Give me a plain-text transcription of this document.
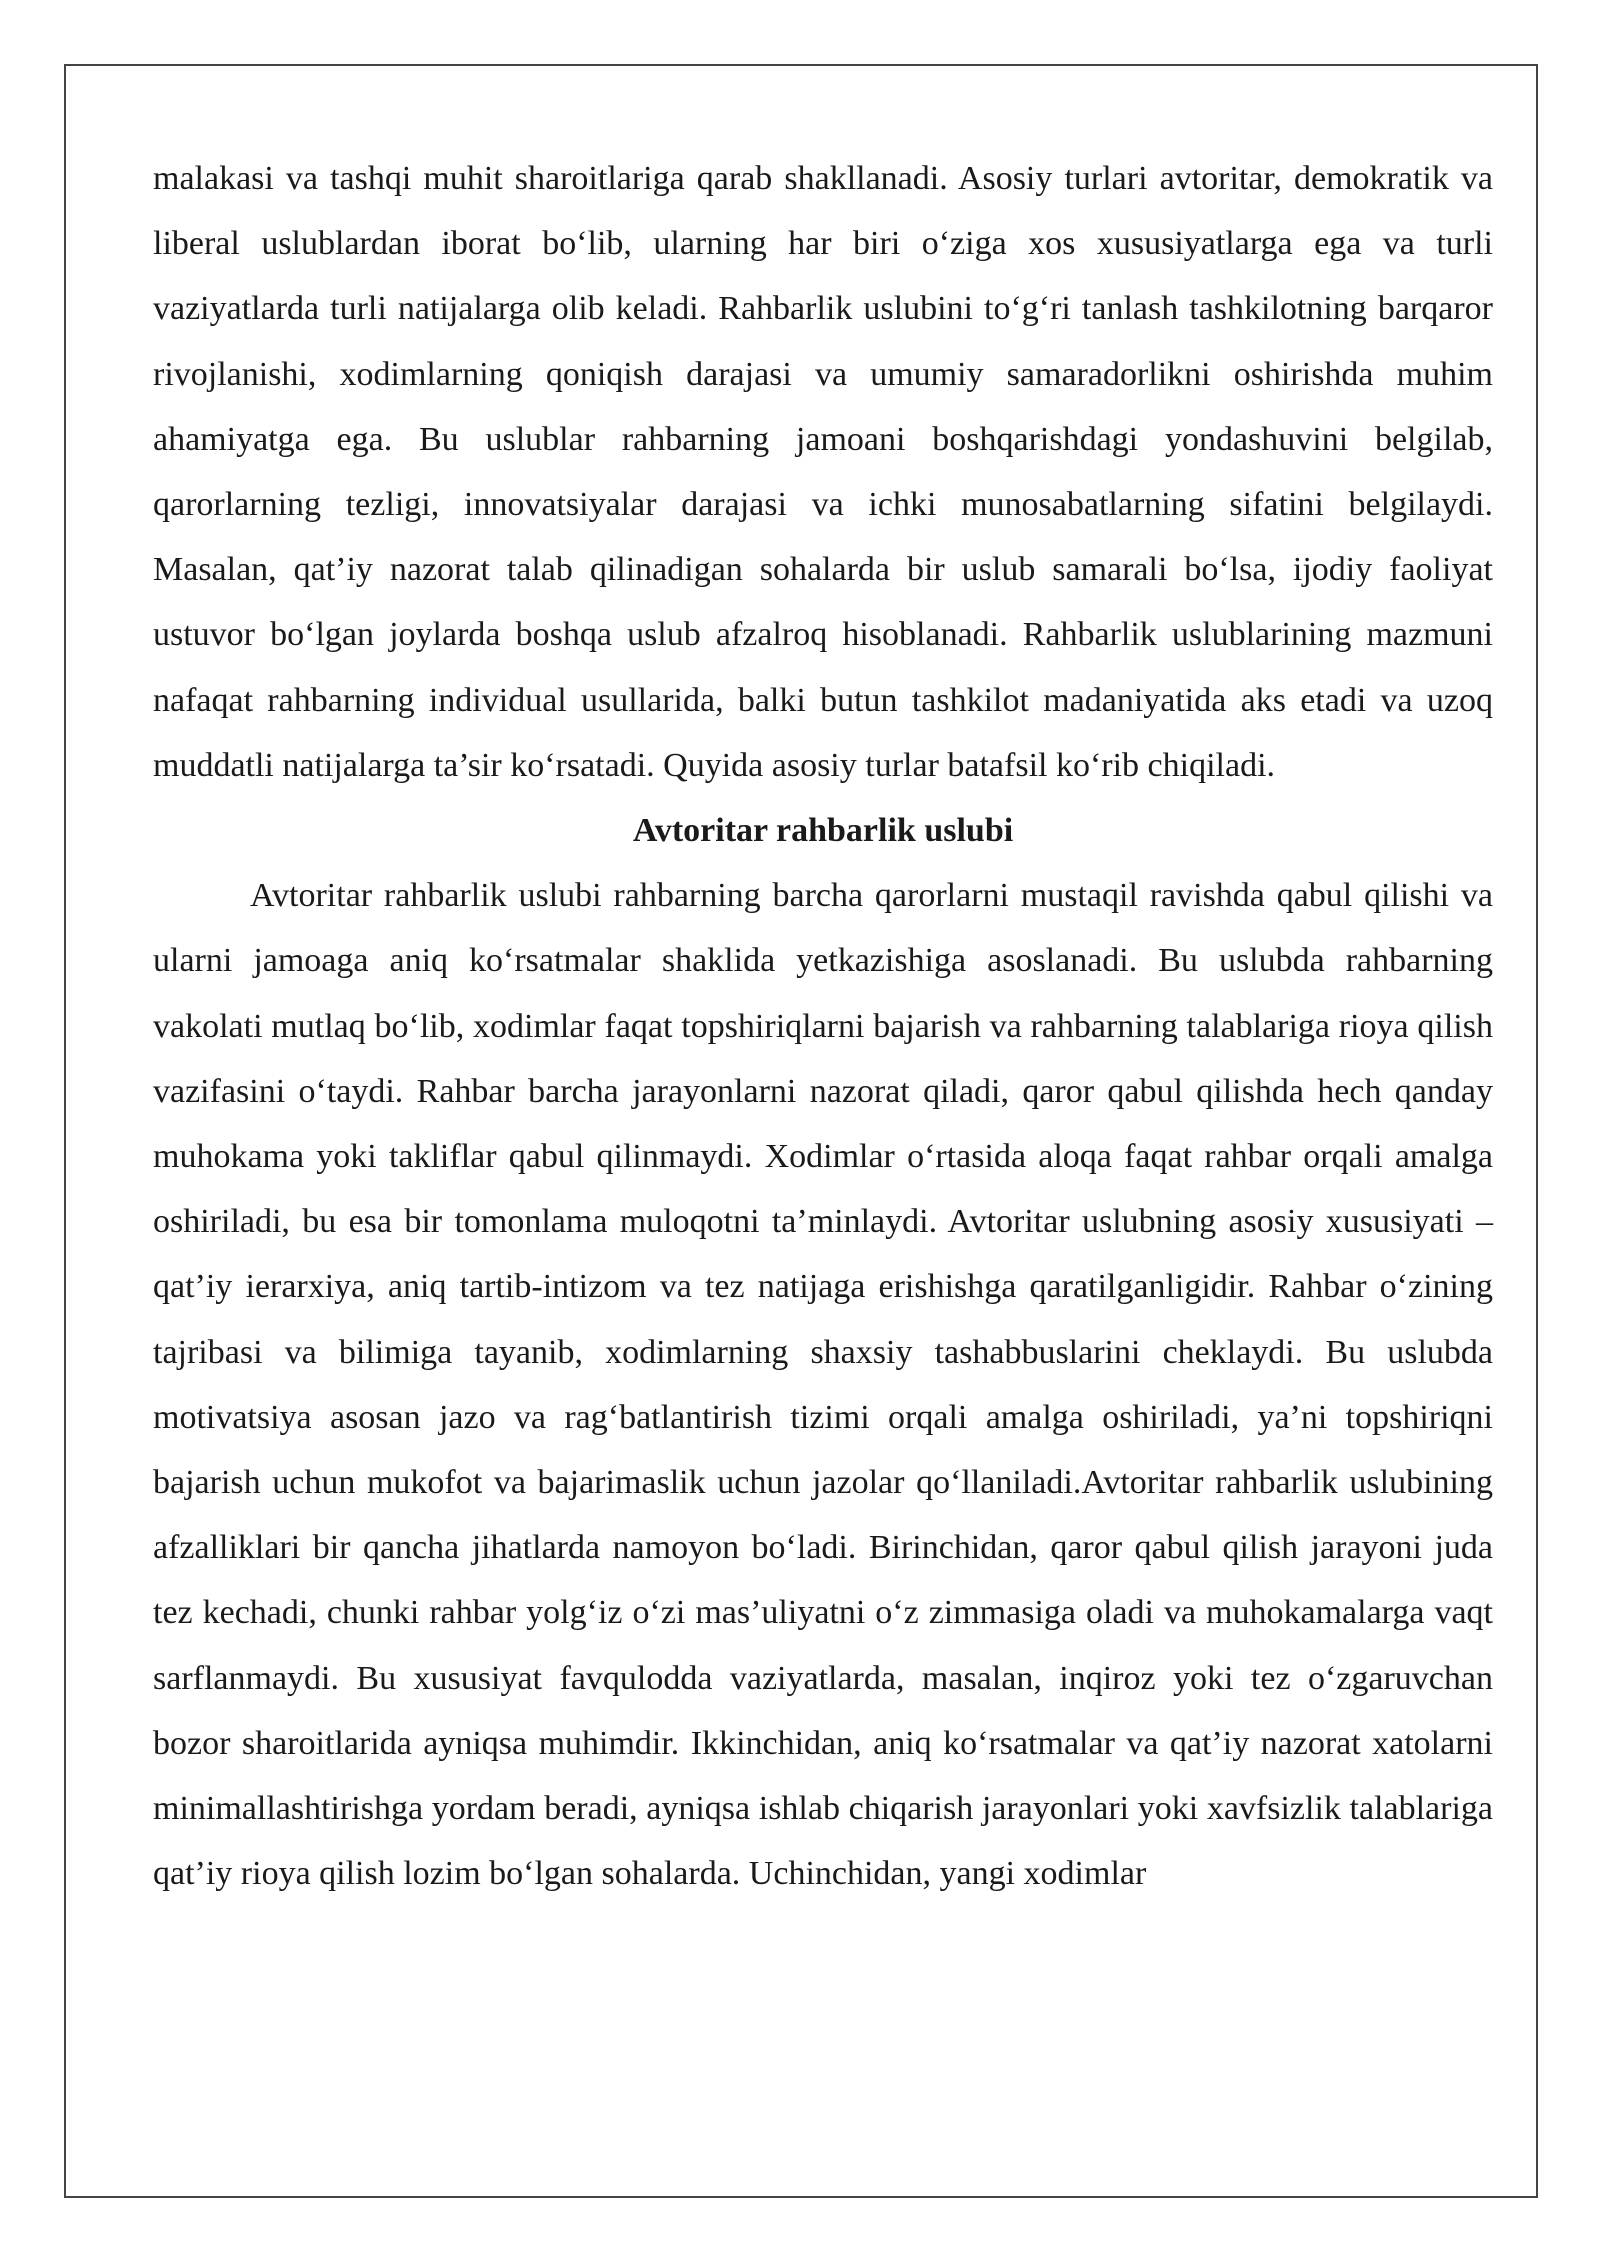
malakasi va tashqi muhit sharoitlariga qarab shakllanadi. Asosiy turlari avtoritar, demokratik va liberal uslublardan iborat bo‘lib, ularning har biri o‘ziga xos xususiyatlarga ega va turli vaziyatlarda turli natijalarga olib keladi. Rahbarlik uslubini to‘g‘ri tanlash tashkilotning barqaror rivojlanishi, xodimlarning qoniqish darajasi va umumiy samaradorlikni oshirishda muhim ahamiyatga ega. Bu uslublar rahbarning jamoani boshqarishdagi yondashuvini belgilab, qarorlarning tezligi, innovatsiyalar darajasi va ichki munosabatlarning sifatini belgilaydi. Masalan, qat’iy nazorat talab qilinadigan sohalarda bir uslub samarali bo‘lsa, ijodiy faoliyat ustuvor bo‘lgan joylarda boshqa uslub afzalroq hisoblanadi. Rahbarlik uslublarining mazmuni nafaqat rahbarning individual usullarida, balki butun tashkilot madaniyatida aks etadi va uzoq muddatli natijalarga ta’sir ko‘rsatadi. Quyida asosiy turlar batafsil ko‘rib chiqiladi.

Avtoritar rahbarlik uslubi

Avtoritar rahbarlik uslubi rahbarning barcha qarorlarni mustaqil ravishda qabul qilishi va ularni jamoaga aniq ko‘rsatmalar shaklida yetkazishiga asoslanadi. Bu uslubda rahbarning vakolati mutlaq bo‘lib, xodimlar faqat topshiriqlarni bajarish va rahbarning talablariga rioya qilish vazifasini o‘taydi. Rahbar barcha jarayonlarni nazorat qiladi, qaror qabul qilishda hech qanday muhokama yoki takliflar qabul qilinmaydi. Xodimlar o‘rtasida aloqa faqat rahbar orqali amalga oshiriladi, bu esa bir tomonlama muloqotni ta’minlaydi. Avtoritar uslubning asosiy xususiyati – qat’iy ierarxiya, aniq tartib-intizom va tez natijaga erishishga qaratilganligidir. Rahbar o‘zining tajribasi va bilimiga tayanib, xodimlarning shaxsiy tashabbuslarini cheklaydi. Bu uslubda motivatsiya asosan jazo va rag‘batlantirish tizimi orqali amalga oshiriladi, ya’ni topshiriqni bajarish uchun mukofot va bajarimaslik uchun jazolar qo‘llaniladi.Avtoritar rahbarlik uslubining afzalliklari bir qancha jihatlarda namoyon bo‘ladi. Birinchidan, qaror qabul qilish jarayoni juda tez kechadi, chunki rahbar yolg‘iz o‘zi mas’uliyatni o‘z zimmasiga oladi va muhokamalarga vaqt sarflanmaydi. Bu xususiyat favqulodda vaziyatlarda, masalan, inqiroz yoki tez o‘zgaruvchan bozor sharoitlarida ayniqsa muhimdir. Ikkinchidan, aniq ko‘rsatmalar va qat’iy nazorat xatolarni minimallashtirishga yordam beradi, ayniqsa ishlab chiqarish jarayonlari yoki xavfsizlik talablariga qat’iy rioya qilish lozim bo‘lgan sohalarda. Uchinchidan, yangi xodimlar
